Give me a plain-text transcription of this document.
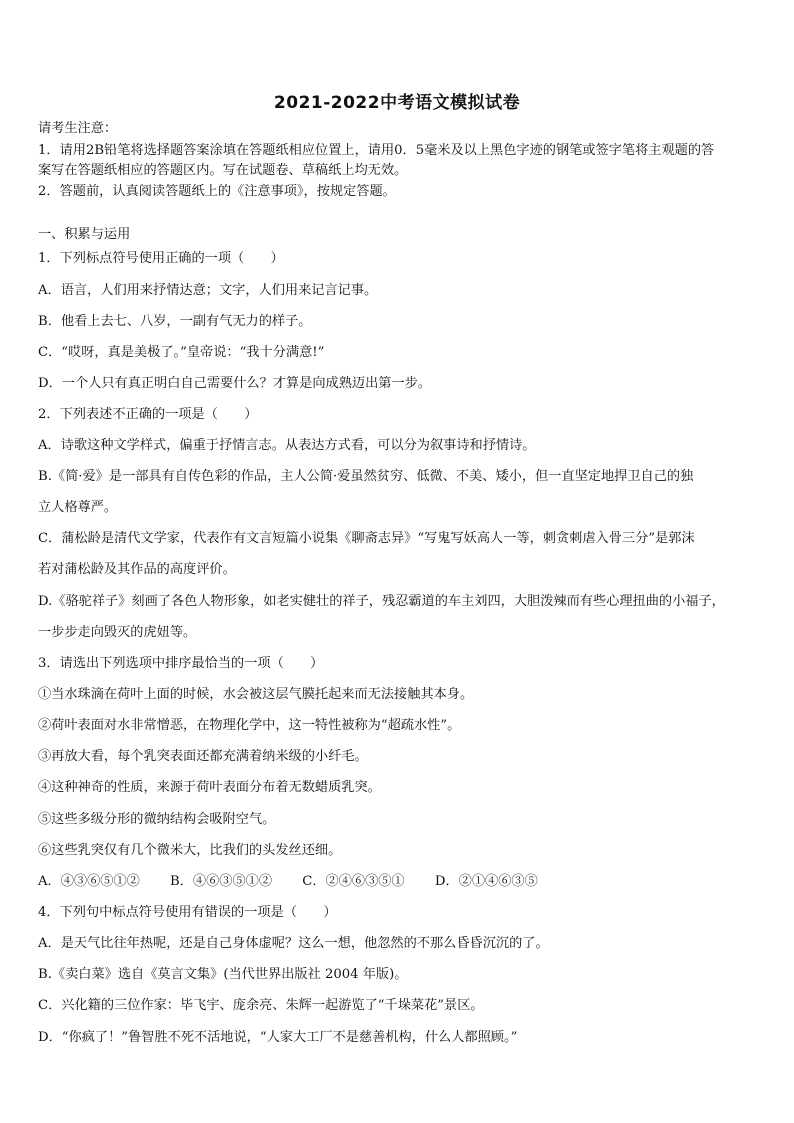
2021-2022中考语文模拟试卷
请考生注意：
1．请用2B铅笔将选择题答案涂填在答题纸相应位置上，请用0．5毫米及以上黑色字迹的钢笔或签字笔将主观题的答
案写在答题纸相应的答题区内。写在试题卷、草稿纸上均无效。
2．答题前，认真阅读答题纸上的《注意事项》，按规定答题。
一、积累与运用
1．下列标点符号使用正确的一项（　　）
A．语言，人们用来抒情达意；文字，人们用来记言记事。
B．他看上去七、八岁，一副有气无力的样子。
C．“哎呀，真是美极了。”皇帝说：“我十分满意!”
D．一个人只有真正明白自己需要什么？才算是向成熟迈出第一步。
2．下列表述不正确的一项是（　　）
A．诗歌这种文学样式，偏重于抒情言志。从表达方式看，可以分为叙事诗和抒情诗。
B.《简·爱》是一部具有自传色彩的作品，主人公简·爱虽然贫穷、低微、不美、矮小，但一直坚定地捍卫自己的独
立人格尊严。
C．蒲松龄是清代文学家，代表作有文言短篇小说集《聊斋志异》“写鬼写妖高人一等，刺贪刺虐入骨三分”是郭沫
若对蒲松龄及其作品的高度评价。
D.《骆驼祥子》刻画了各色人物形象，如老实健壮的祥子，残忍霸道的车主刘四，大胆泼辣而有些心理扭曲的小福子，
一步步走向毁灭的虎妞等。
3．请选出下列选项中排序最恰当的一项（　　）
①当水珠滴在荷叶上面的时候，水会被这层气膜托起来而无法接触其本身。
②荷叶表面对水非常憎恶，在物理化学中，这一特性被称为“超疏水性”。
③再放大看，每个乳突表面还都充满着纳米级的小纤毛。
④这种神奇的性质，来源于荷叶表面分布着无数蜡质乳突。
⑤这些多级分形的微纳结构会吸附空气。
⑥这些乳突仅有几个微米大，比我们的头发丝还细。
A．④③⑥⑤①② B．④⑥③⑤①② C．②④⑥③⑤① D．②①④⑥③⑤
4．下列句中标点符号使用有错误的一项是（　　）
A．是天气比往年热呢，还是自己身体虚呢？这么一想，他忽然的不那么昏昏沉沉的了。
B.《卖白菜》选自《莫言文集》(当代世界出版社 2004 年版)。
C．兴化籍的三位作家：毕飞宇、庞余亮、朱辉一起游览了“千垛菜花”景区。
D．“你疯了！”鲁智胜不死不活地说，“人家大工厂不是慈善机构，什么人都照顾。”
